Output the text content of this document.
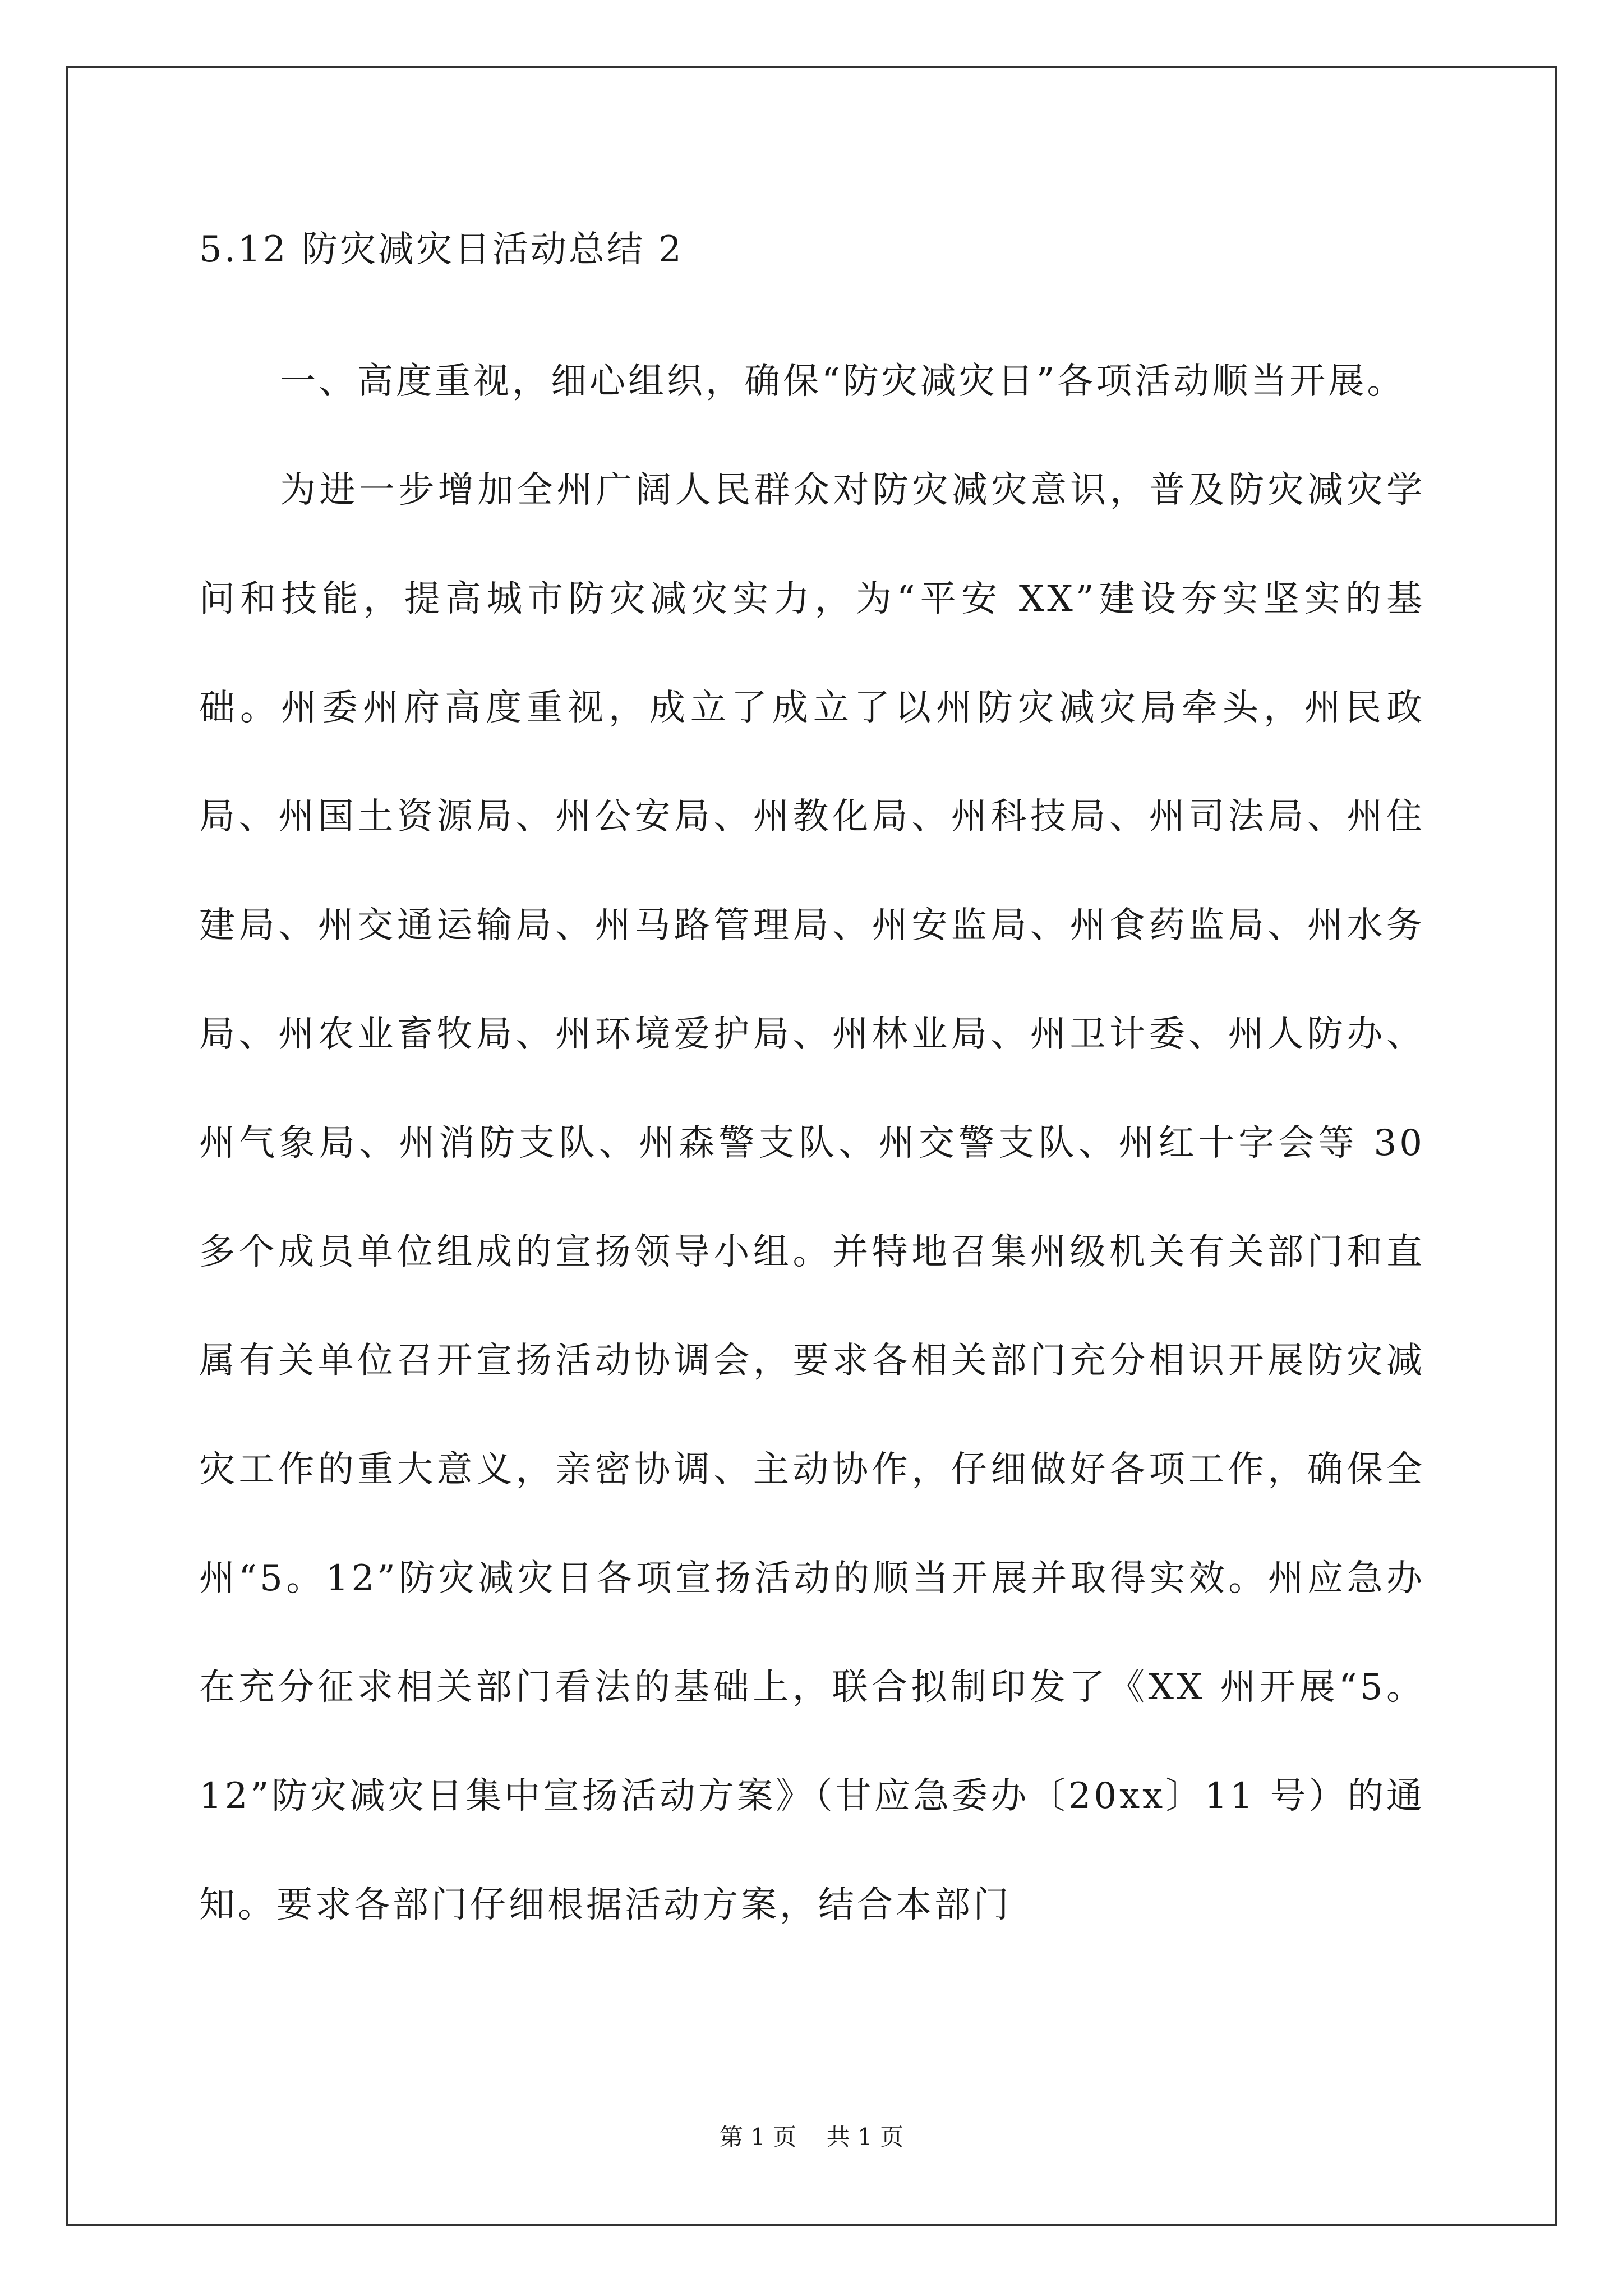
5.12 防灾减灾日活动总结 2

一、高度重视，细心组织，确保“防灾减灾日”各项活动顺当开展。

为进一步增加全州广阔人民群众对防灾减灾意识，普及防灾减灾学问和技能，提高城市防灾减灾实力，为“平安 XX”建设夯实坚实的基础。州委州府高度重视，成立了成立了以州防灾减灾局牵头，州民政局、州国土资源局、州公安局、州教化局、州科技局、州司法局、州住建局、州交通运输局、州马路管理局、州安监局、州食药监局、州水务局、州农业畜牧局、州环境爱护局、州林业局、州卫计委、州人防办、州气象局、州消防支队、州森警支队、州交警支队、州红十字会等 30 多个成员单位组成的宣扬领导小组。并特地召集州级机关有关部门和直属有关单位召开宣扬活动协调会，要求各相关部门充分相识开展防灾减灾工作的重大意义，亲密协调、主动协作，仔细做好各项工作，确保全州“5。12”防灾减灾日各项宣扬活动的顺当开展并取得实效。州应急办在充分征求相关部门看法的基础上，联合拟制印发了《XX 州开展“5。12”防灾减灾日集中宣扬活动方案》（甘应急委办〔20xx〕11 号）的通知。要求各部门仔细根据活动方案，结合本部门

第 1 页    共 1 页
